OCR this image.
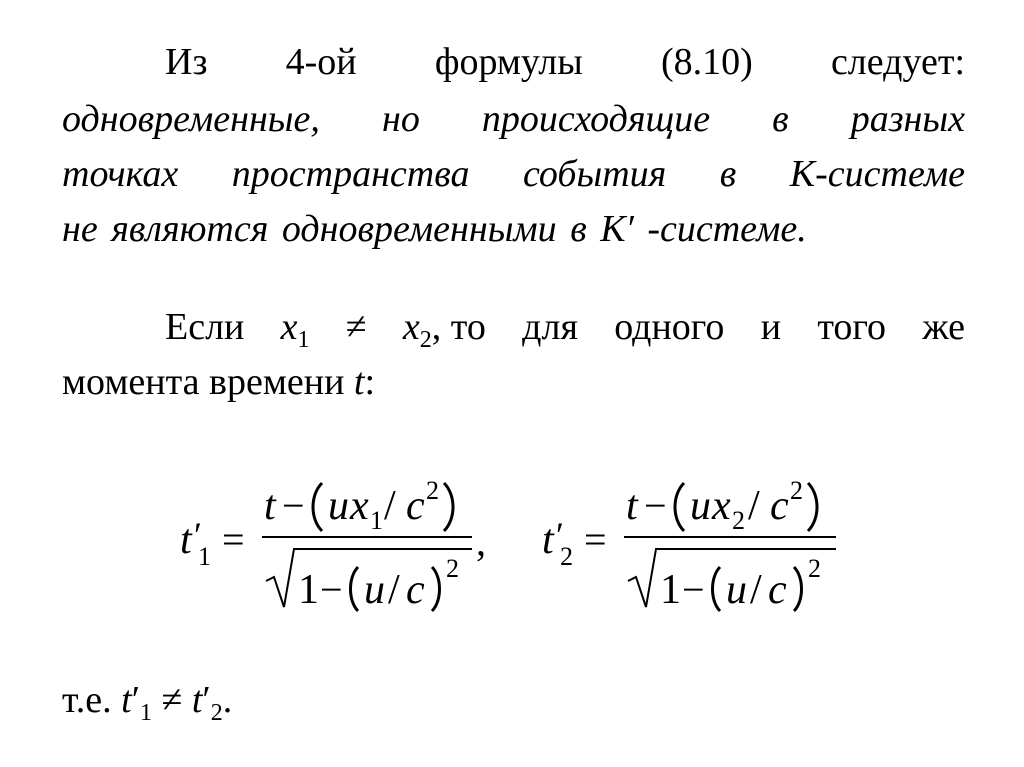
Из 4-ой формулы (8.10) следует:
одновременные, но происходящие в разных
точках пространства события в K-системе
не являются одновременными в K′ -системе.
Если $x_1 \ne x_2$, то для одного и того же
момента времени t:
t ′
1 =
t − u x 1 / c 2
1 − u / c 2
, t ′
2 =
t − u x 2 / c 2
1 − u / c 2
т.е. $t'_1 \ne t'_2$.
